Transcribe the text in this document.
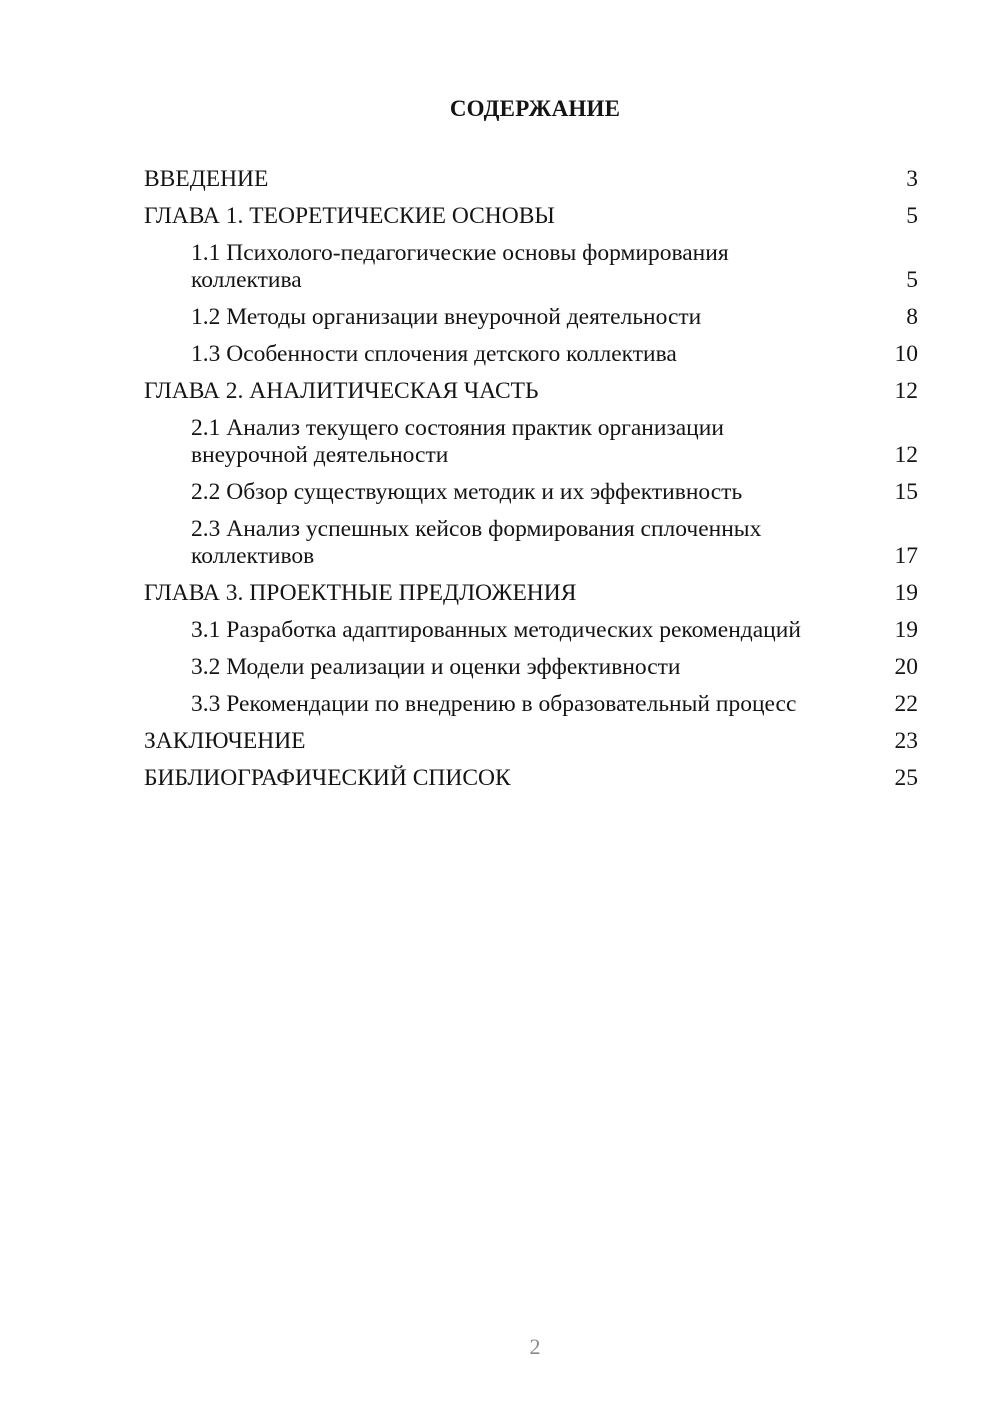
СОДЕРЖАНИЕ
ВВЕДЕНИЕ	3
ГЛАВА 1. ТЕОРЕТИЧЕСКИЕ ОСНОВЫ	5
1.1 Психолого-педагогические основы формирования коллектива	5
1.2 Методы организации внеурочной деятельности	8
1.3 Особенности сплочения детского коллектива	10
ГЛАВА 2. АНАЛИТИЧЕСКАЯ ЧАСТЬ	12
2.1 Анализ текущего состояния практик организации внеурочной деятельности	12
2.2 Обзор существующих методик и их эффективность	15
2.3 Анализ успешных кейсов формирования сплоченных коллективов	17
ГЛАВА 3. ПРОЕКТНЫЕ ПРЕДЛОЖЕНИЯ	19
3.1 Разработка адаптированных методических рекомендаций	19
3.2 Модели реализации и оценки эффективности	20
3.3 Рекомендации по внедрению в образовательный процесс	22
ЗАКЛЮЧЕНИЕ	23
БИБЛИОГРАФИЧЕСКИЙ СПИСОК	25
2
